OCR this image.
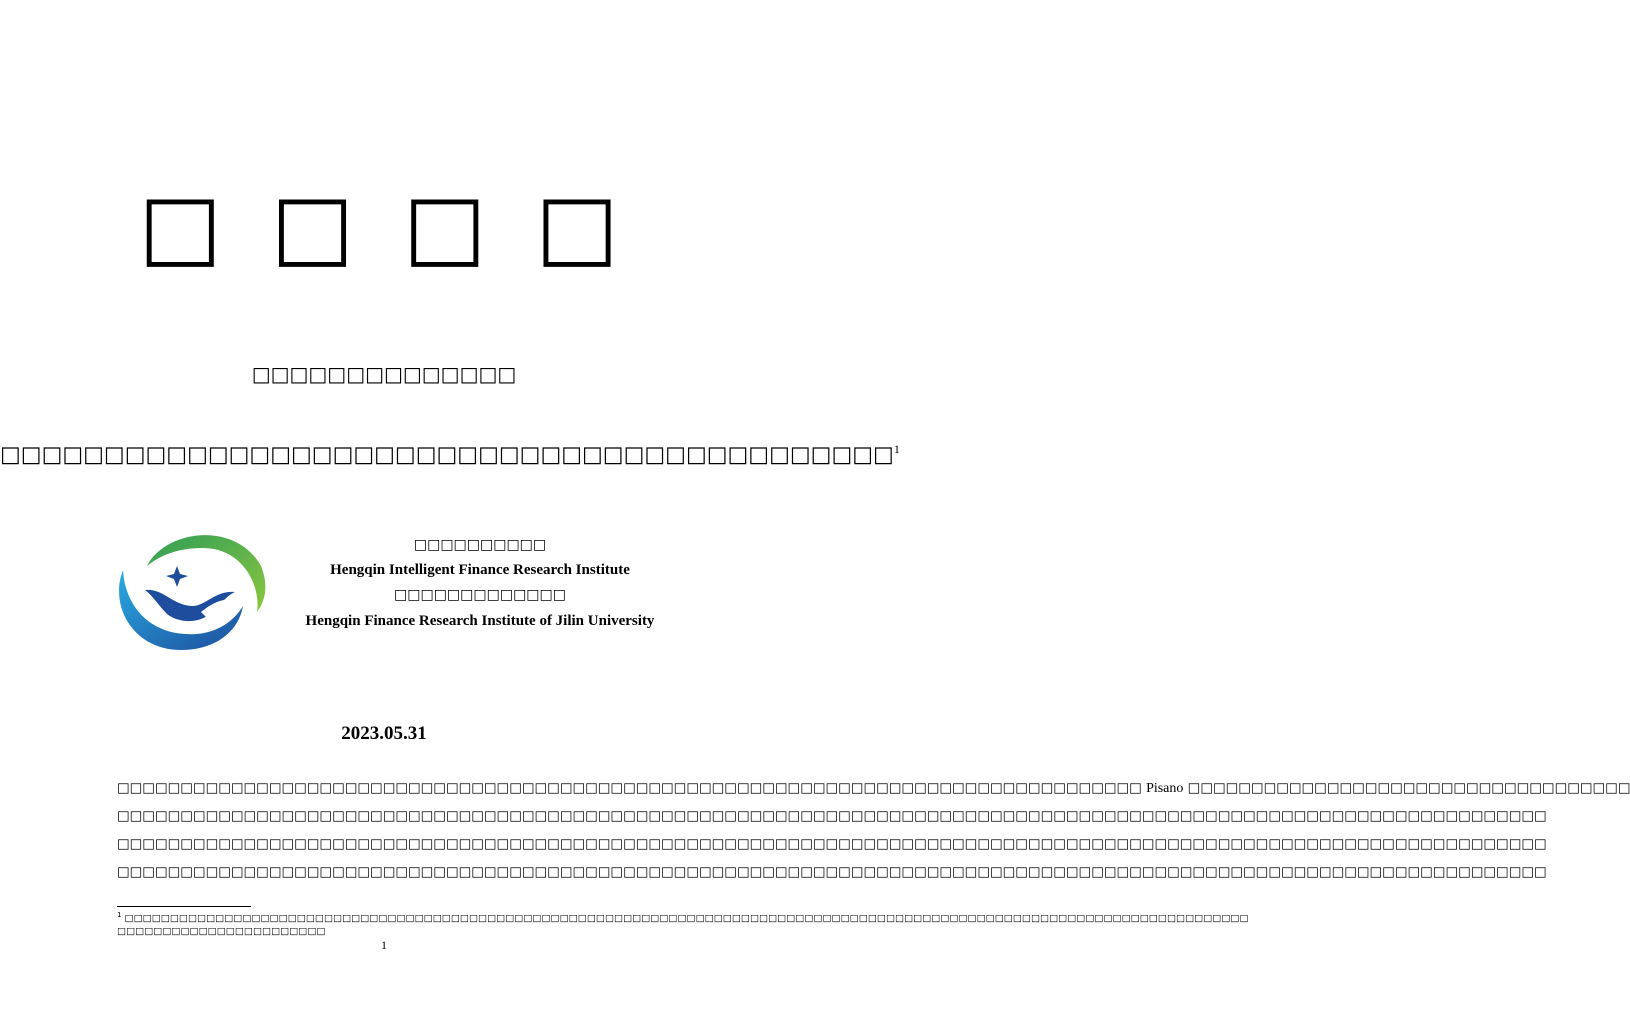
□ □ □ □
□□□□□□□□□□□□□□
□□□□□□□□□□□□□□□□□□□□□□□□□□□□□□□□□□□□□□□□□□□$^1$
□□□□□□□□□□
Hengqin Intelligent Finance Research Institute
□□□□□□□□□□□□□
Hengqin Finance Research Institute of Jilin University
2023.05.31
□□□□□□□□□□□□□□□□□□□□□□□□□□□□□□□□□□□□□□□□□□□□□□□□□□□□□□□□□□□□□□□□□□□□□□□□□□□□□□□□□ Pisano □□□□□□□□□□□□□□□□□□□□□□□□□□□□□□□□□□□
□□□□□□□□□□□□□□□□□□□□□□□□□□□□□□□□□□□□□□□□□□□□□□□□□□□□□□□□□□□□□□□□□□□□□□□□□□□□□□□□□□□□□□□□□□□□□□□□□□□□□□□□□□□□□□□□□
□□□□□□□□□□□□□□□□□□□□□□□□□□□□□□□□□□□□□□□□□□□□□□□□□□□□□□□□□□□□□□□□□□□□□□□□□□□□□□□□□□□□□□□□□□□□□□□□□□□□□□□□□□□□□□□□□
□□□□□□□□□□□□□□□□□□□□□□□□□□□□□□□□□□□□□□□□□□□□□□□□□□□□□□□□□□□□□□□□□□□□□□□□□□□□□□□□□□□□□□□□□□□□□□□□□□□□□□□□□□□□□□□□□
$^1$ □□□□□□□□□□□□□□□□□□□□□□□□□□□□□□□□□□□□□□□□□□□□□□□□□□□□□□□□□□□□□□□□□□□□□□□□□□□□□□□□□□□□□□□□□□□□□□□□□□□□□□□□□□□□□□□□□□□□□□□□□□□□
□□□□□□□□□□□□□□□□□□□□□□□
1
